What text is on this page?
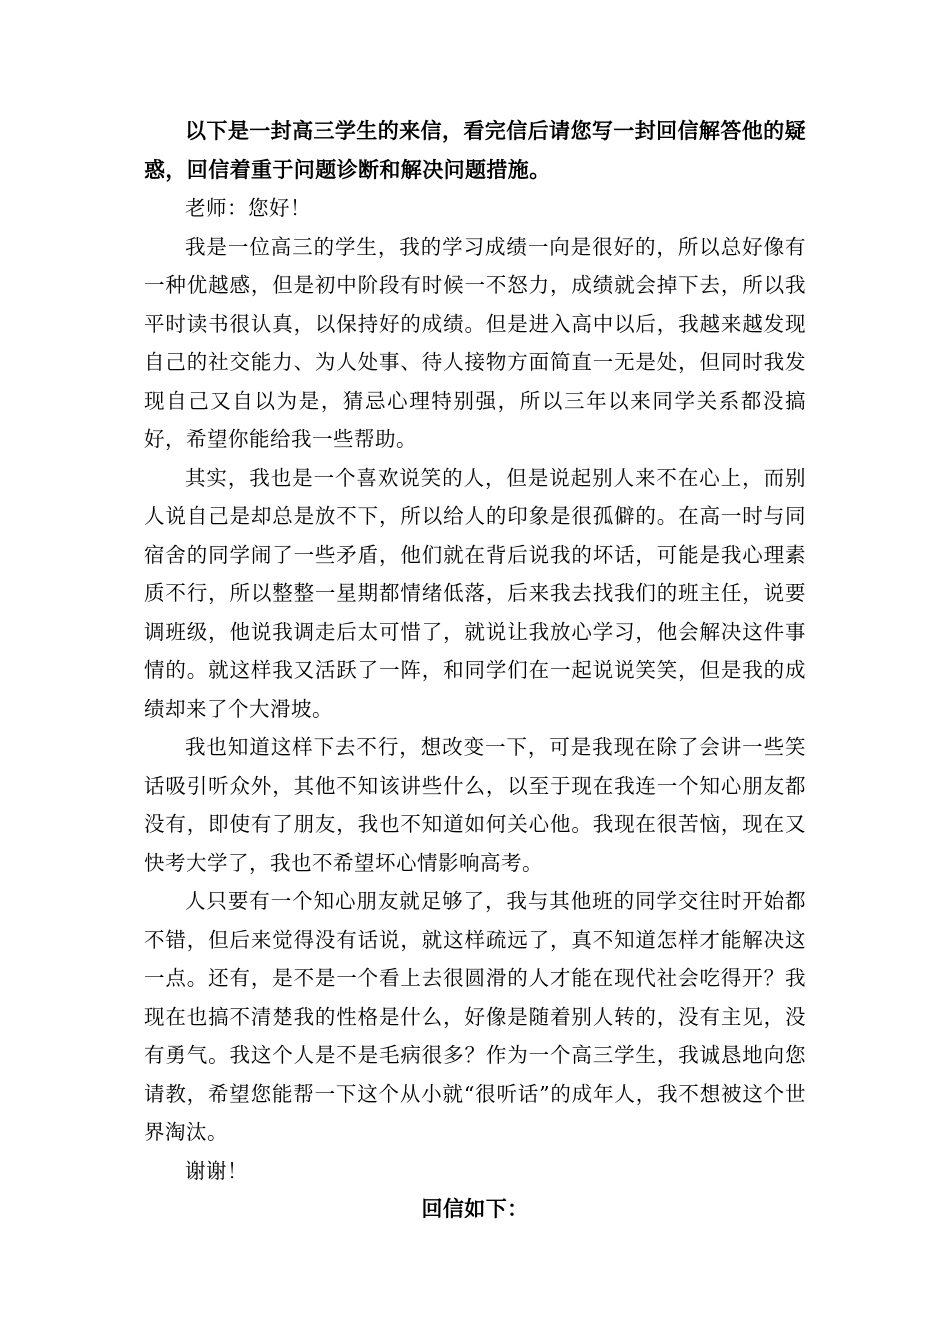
以下是一封高三学生的来信，看完信后请您写一封回信解答他的疑惑，回信着重于问题诊断和解决问题措施。

老师：您好！

我是一位高三的学生，我的学习成绩一向是很好的，所以总好像有一种优越感，但是初中阶段有时候一不怒力，成绩就会掉下去，所以我平时读书很认真，以保持好的成绩。但是进入高中以后，我越来越发现自己的社交能力、为人处事、待人接物方面简直一无是处，但同时我发现自己又自以为是，猜忌心理特别强，所以三年以来同学关系都没搞好，希望你能给我一些帮助。

其实，我也是一个喜欢说笑的人，但是说起别人来不在心上，而别人说自己是却总是放不下，所以给人的印象是很孤僻的。在高一时与同宿舍的同学闹了一些矛盾，他们就在背后说我的坏话，可能是我心理素质不行，所以整整一星期都情绪低落，后来我去找我们的班主任，说要调班级，他说我调走后太可惜了，就说让我放心学习，他会解决这件事情的。就这样我又活跃了一阵，和同学们在一起说说笑笑，但是我的成绩却来了个大滑坡。

我也知道这样下去不行，想改变一下，可是我现在除了会讲一些笑话吸引听众外，其他不知该讲些什么，以至于现在我连一个知心朋友都没有，即使有了朋友，我也不知道如何关心他。我现在很苦恼，现在又快考大学了，我也不希望坏心情影响高考。

人只要有一个知心朋友就足够了，我与其他班的同学交往时开始都不错，但后来觉得没有话说，就这样疏远了，真不知道怎样才能解决这一点。还有，是不是一个看上去很圆滑的人才能在现代社会吃得开？我现在也搞不清楚我的性格是什么，好像是随着别人转的，没有主见，没有勇气。我这个人是不是毛病很多？作为一个高三学生，我诚恳地向您请教，希望您能帮一下这个从小就“很听话”的成年人，我不想被这个世界淘汰。

谢谢！

回信如下：
